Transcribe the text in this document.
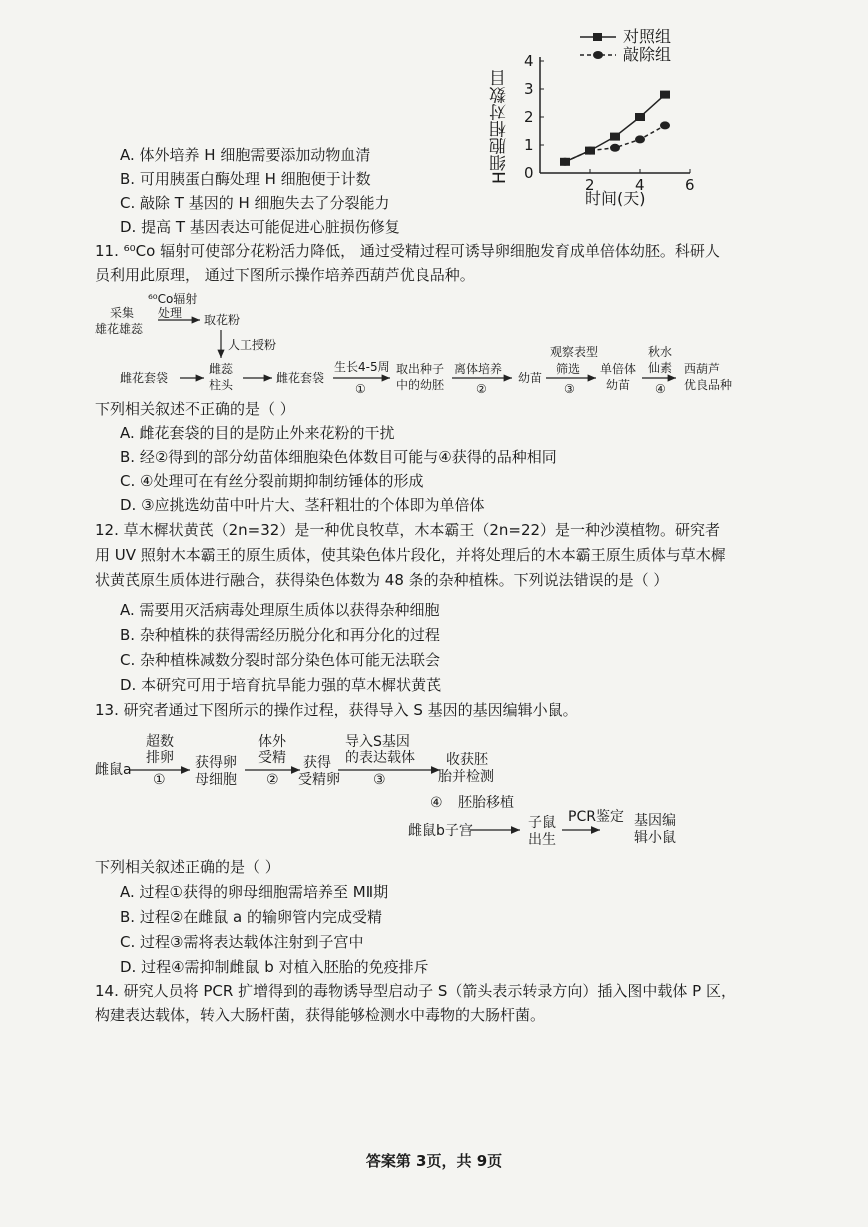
A. 体外培养 H 细胞需要添加动物血清
B. 可用胰蛋白酶处理 H 细胞便于计数
C. 敲除 T 基因的 H 细胞失去了分裂能力
D. 提高 T 基因表达可能促进心脏损伤修复
H细胞相对数目
时间(天)
对照组
敲除组
0
1
2
3
4
2	4	6
11. ⁶⁰Co 辐射可使部分花粉活力降低， 通过受精过程可诱导卵细胞发育成单倍体幼胚。科研人
员利用此原理， 通过下图所示操作培养西葫芦优良品种。
采集
雄花雄蕊
⁶⁰Co辐射
处理 取花粉
人工授粉
雌花套袋
雌蕊
柱头	雌花套袋
生长4-5周
①
取出种子
中的幼胚
离体培养
②
幼苗
观察表型
筛选
③
单倍体
幼苗
秋水
仙素
④
西葫芦
优良品种
下列相关叙述不正确的是（ ）
A. 雌花套袋的目的是防止外来花粉的干扰
B. 经②得到的部分幼苗体细胞染色体数目可能与④获得的品种相同
C. ④处理可在有丝分裂前期抑制纺锤体的形成
D. ③应挑选幼苗中叶片大、茎秆粗壮的个体即为单倍体
12. 草木樨状黄芪（2n=32）是一种优良牧草，木本霸王（2n=22）是一种沙漠植物。研究者
用 UV 照射木本霸王的原生质体，使其染色体片段化，并将处理后的木本霸王原生质体与草木樨
状黄芪原生质体进行融合，获得染色体数为 48 条的杂种植株。下列说法错误的是（ ）
A. 需要用灭活病毒处理原生质体以获得杂种细胞
B. 杂种植株的获得需经历脱分化和再分化的过程
C. 杂种植株减数分裂时部分染色体可能无法联会
D. 本研究可用于培育抗旱能力强的草木樨状黄芪
13. 研究者通过下图所示的操作过程，获得导入 S 基因的基因编辑小鼠。
雌鼠a
超数
排卵
①
获得卵
母细胞
体外
受精
②
获得
受精卵
导入S基因
的表达载体
③
收获胚
胎并检测
④ 胚胎移植
雌鼠b子宫	子鼠
出生
PCR鉴定 基因编
辑小鼠
下列相关叙述正确的是（ ）
A. 过程①获得的卵母细胞需培养至 MⅡ期
B. 过程②在雌鼠 a 的输卵管内完成受精
C. 过程③需将表达载体注射到子宫中
D. 过程④需抑制雌鼠 b 对植入胚胎的免疫排斥
14. 研究人员将 PCR 扩增得到的毒物诱导型启动子 S（箭头表示转录方向）插入图中载体 P 区，
构建表达载体，转入大肠杆菌，获得能够检测水中毒物的大肠杆菌。
答案第 3页，共 9页
